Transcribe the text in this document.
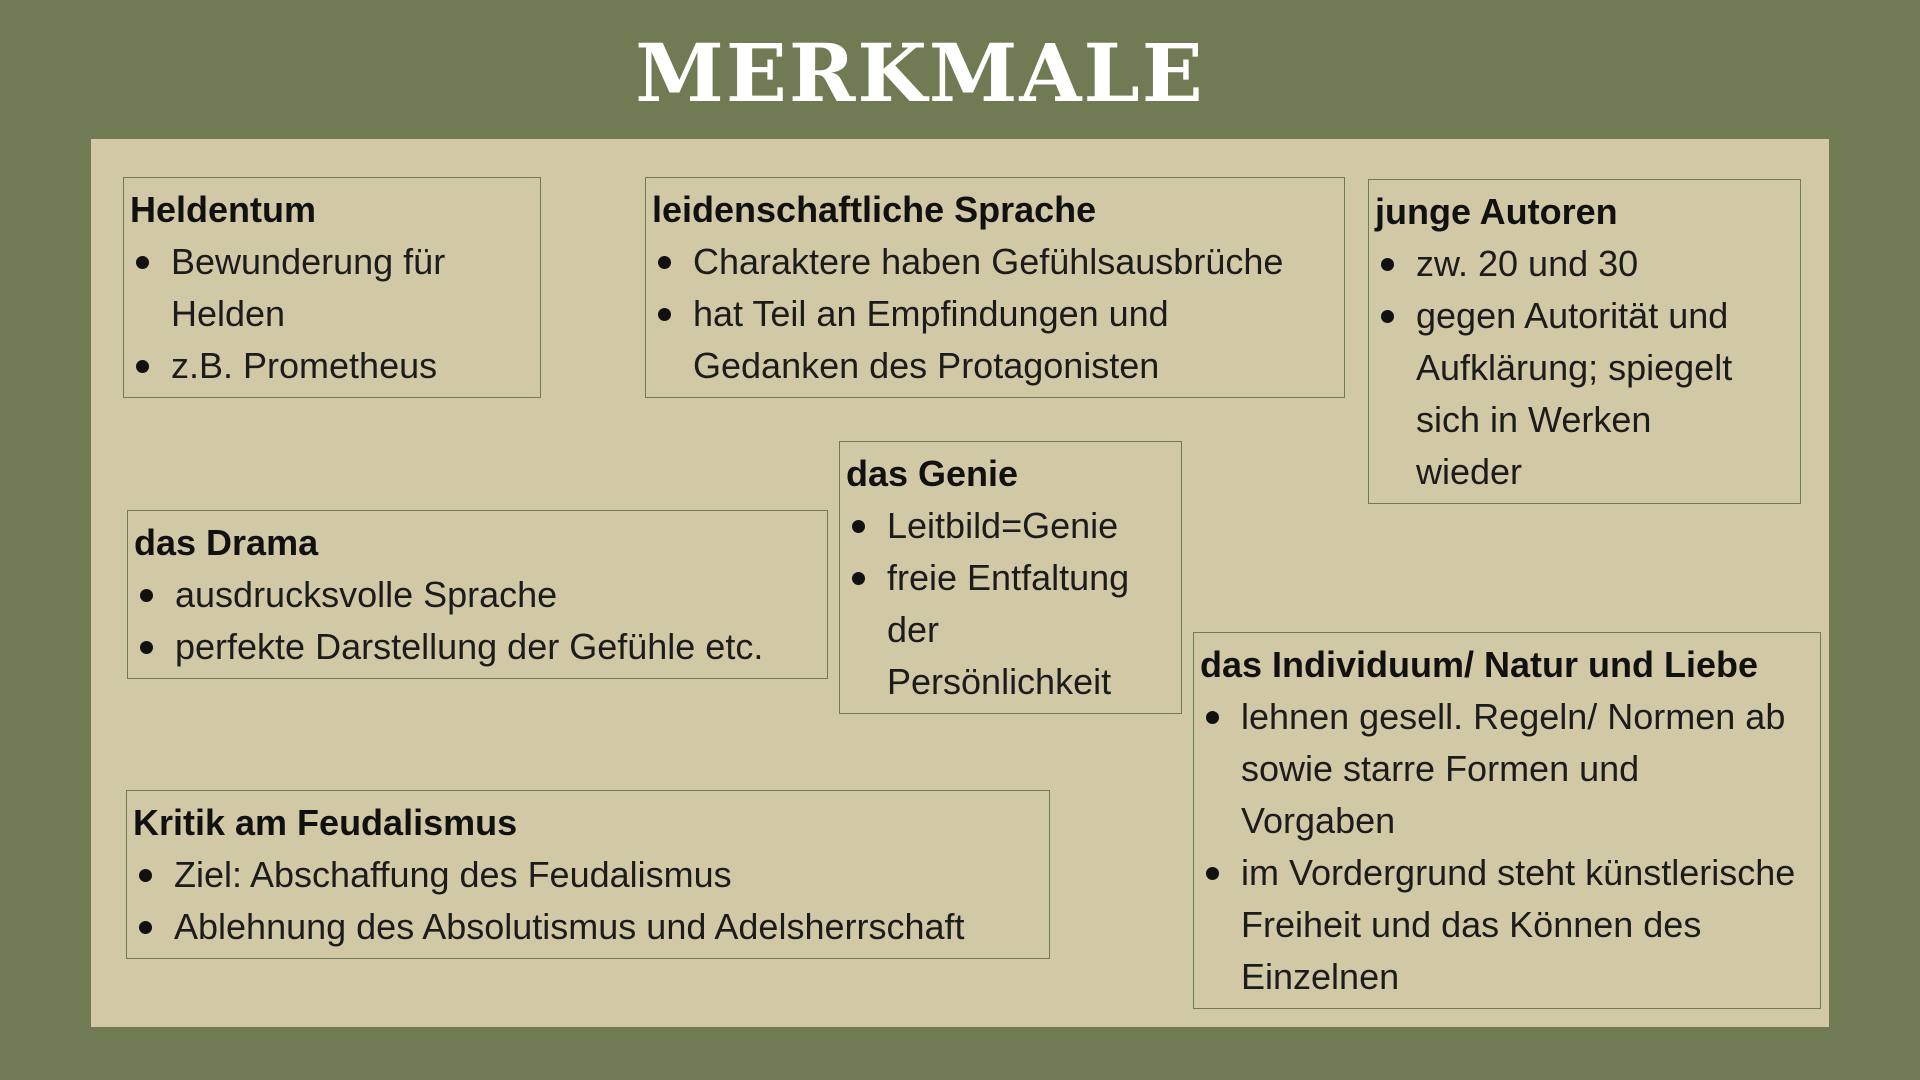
MERKMALE
Heldentum
Bewunderung für Helden
z.B. Prometheus
leidenschaftliche Sprache
Charaktere haben Gefühlsausbrüche
hat Teil an Empfindungen und Gedanken des Protagonisten
junge Autoren
zw. 20 und 30
gegen Autorität und Aufklärung; spiegelt sich in Werken wieder
das Genie
Leitbild=Genie
freie Entfaltung der Persönlichkeit
das Drama
ausdrucksvolle Sprache
perfekte Darstellung der Gefühle etc.	das Individuum/ Natur und Liebe
lehnen gesell. Regeln/ Normen ab sowie starre Formen und Vorgaben
im Vordergrund steht künstlerische Freiheit und das Können des Einzelnen
Kritik am Feudalismus
Ziel: Abschaffung des Feudalismus
Ablehnung des Absolutismus und Adelsherrschaft
